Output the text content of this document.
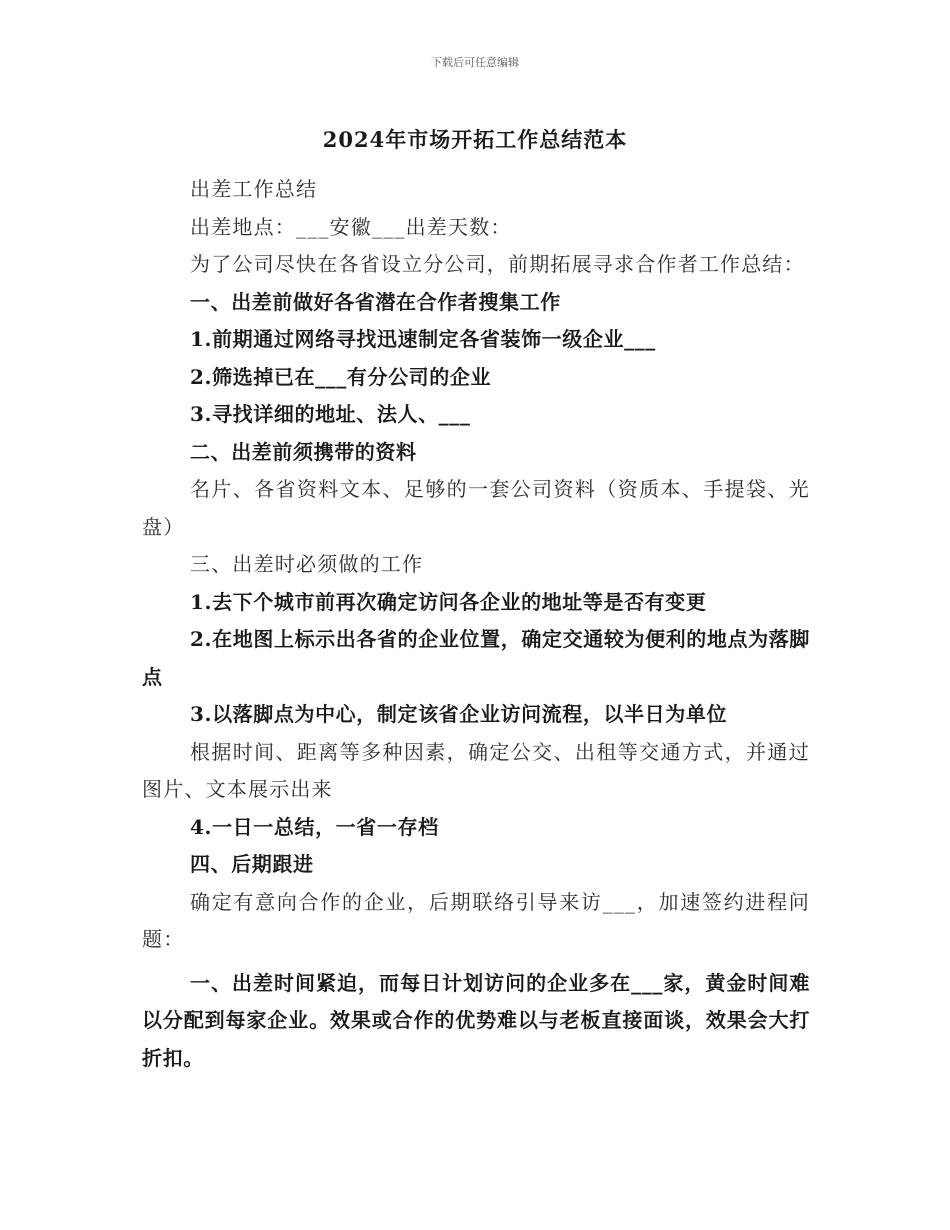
下载后可任意编辑
2024年市场开拓工作总结范本

出差工作总结

出差地点：___安徽___出差天数：

为了公司尽快在各省设立分公司，前期拓展寻求合作者工作总结：

一、出差前做好各省潜在合作者搜集工作

1.前期通过网络寻找迅速制定各省装饰一级企业___

2.筛选掉已在___有分公司的企业

3.寻找详细的地址、法人、___

二、出差前须携带的资料

名片、各省资料文本、足够的一套公司资料（资质本、手提袋、光盘）

三、出差时必须做的工作

1.去下个城市前再次确定访问各企业的地址等是否有变更

2.在地图上标示出各省的企业位置，确定交通较为便利的地点为落脚点

3.以落脚点为中心，制定该省企业访问流程，以半日为单位

根据时间、距离等多种因素，确定公交、出租等交通方式，并通过图片、文本展示出来

4.一日一总结，一省一存档

四、后期跟进

确定有意向合作的企业，后期联络引导来访___，加速签约进程问题：

一、出差时间紧迫，而每日计划访问的企业多在___家，黄金时间难以分配到每家企业。效果或合作的优势难以与老板直接面谈，效果会大打折扣。
